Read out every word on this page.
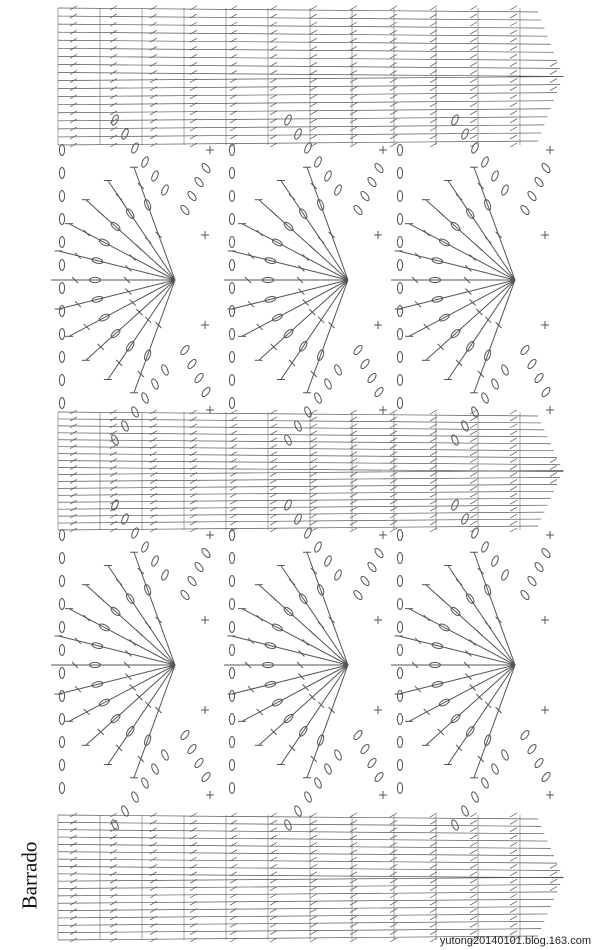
Barrado
yutong20140101.blog.163.com
